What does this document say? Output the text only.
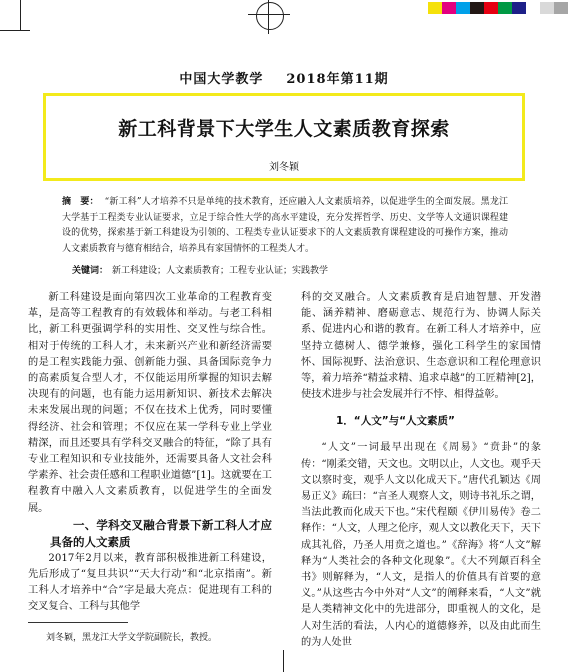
中国大学教学 2018年第11期
新工科背景下大学生人文素质教育探索
刘冬颖
摘　要： “新工科”人才培养不只是单纯的技术教育，还应融入人文素质培养，以促进学生的全面发展。黑龙江大学基于工程类专业认证要求，立足于综合性大学的高水平建设，充分发挥哲学、历史、文学等人文通识课程建设的优势，探索基于新工科建设为引领的、工程类专业认证要求下的人文素质教育课程建设的可操作方案，推动人文素质教育与德育相结合，培养具有家国情怀的工程类人才。
关键词： 新工科建设；人文素质教育；工程专业认证；实践教学

新工科建设是面向第四次工业革命的工程教育变革，是高等工程教育的有效载体和举动。与老工科相比，新工科更强调学科的实用性、交叉性与综合性。相对于传统的工科人才，未来新兴产业和新经济需要的是工程实践能力强、创新能力强、具备国际竞争力的高素质复合型人才，不仅能运用所掌握的知识去解决现有的问题，也有能力运用新知识、新技术去解决未来发展出现的问题；不仅在技术上优秀，同时要懂得经济、社会和管理；不仅应在某一学科专业上学业精深，而且还要具有学科交叉融合的特征，“除了具有专业工程知识和专业技能外，还需要具备人文社会科学素养、社会责任感和工程职业道德”[1]。这就要在工程教育中融入人文素质教育，以促进学生的全面发展。

一、学科交叉融合背景下新工科人才应具备的人文素质

2017年2月以来，教育部积极推进新工科建设，先后形成了“复旦共识”“天大行动”和“北京指南”。新工科人才培养中“合”字是最大亮点：促进现有工科的交叉复合、工科与其他学

科的交叉融合。人文素质教育是启迪智慧、开发潜能、涵养精神、磨砺意志、规范行为、协调人际关系、促进内心和谐的教育。在新工科人才培养中，应坚持立德树人、德学兼修，强化工科学生的家国情怀、国际视野、法治意识、生态意识和工程伦理意识等，着力培养“精益求精、追求卓越”的工匠精神[2]，使技术进步与社会发展并行不悖、相得益彰。

1．“人文”与“人文素质”

“人文”一词最早出现在《周易》“贲卦”的彖传：“刚柔交错，天文也。文明以止，人文也。观乎天文以察时变，观乎人文以化成天下。”唐代孔颖达《周易正义》疏曰：“言圣人观察人文，则诗书礼乐之谓，当法此教而化成天下也。”宋代程颐《伊川易传》卷二释作：“人文，人理之伦序，观人文以教化天下，天下成其礼俗，乃圣人用贲之道也。”《辞海》将“人文”解释为“人类社会的各种文化现象”。《大不列颠百科全书》则解释为，“人文，是指人的价值具有首要的意义。”从这些古今中外对“人文”的阐释来看，“人文”就是人类精神文化中的先进部分，即重视人的文化，是人对生活的看法，人内心的道德修养，以及由此而生的为人处世

刘冬颖，黑龙江大学文学院副院长，教授。
